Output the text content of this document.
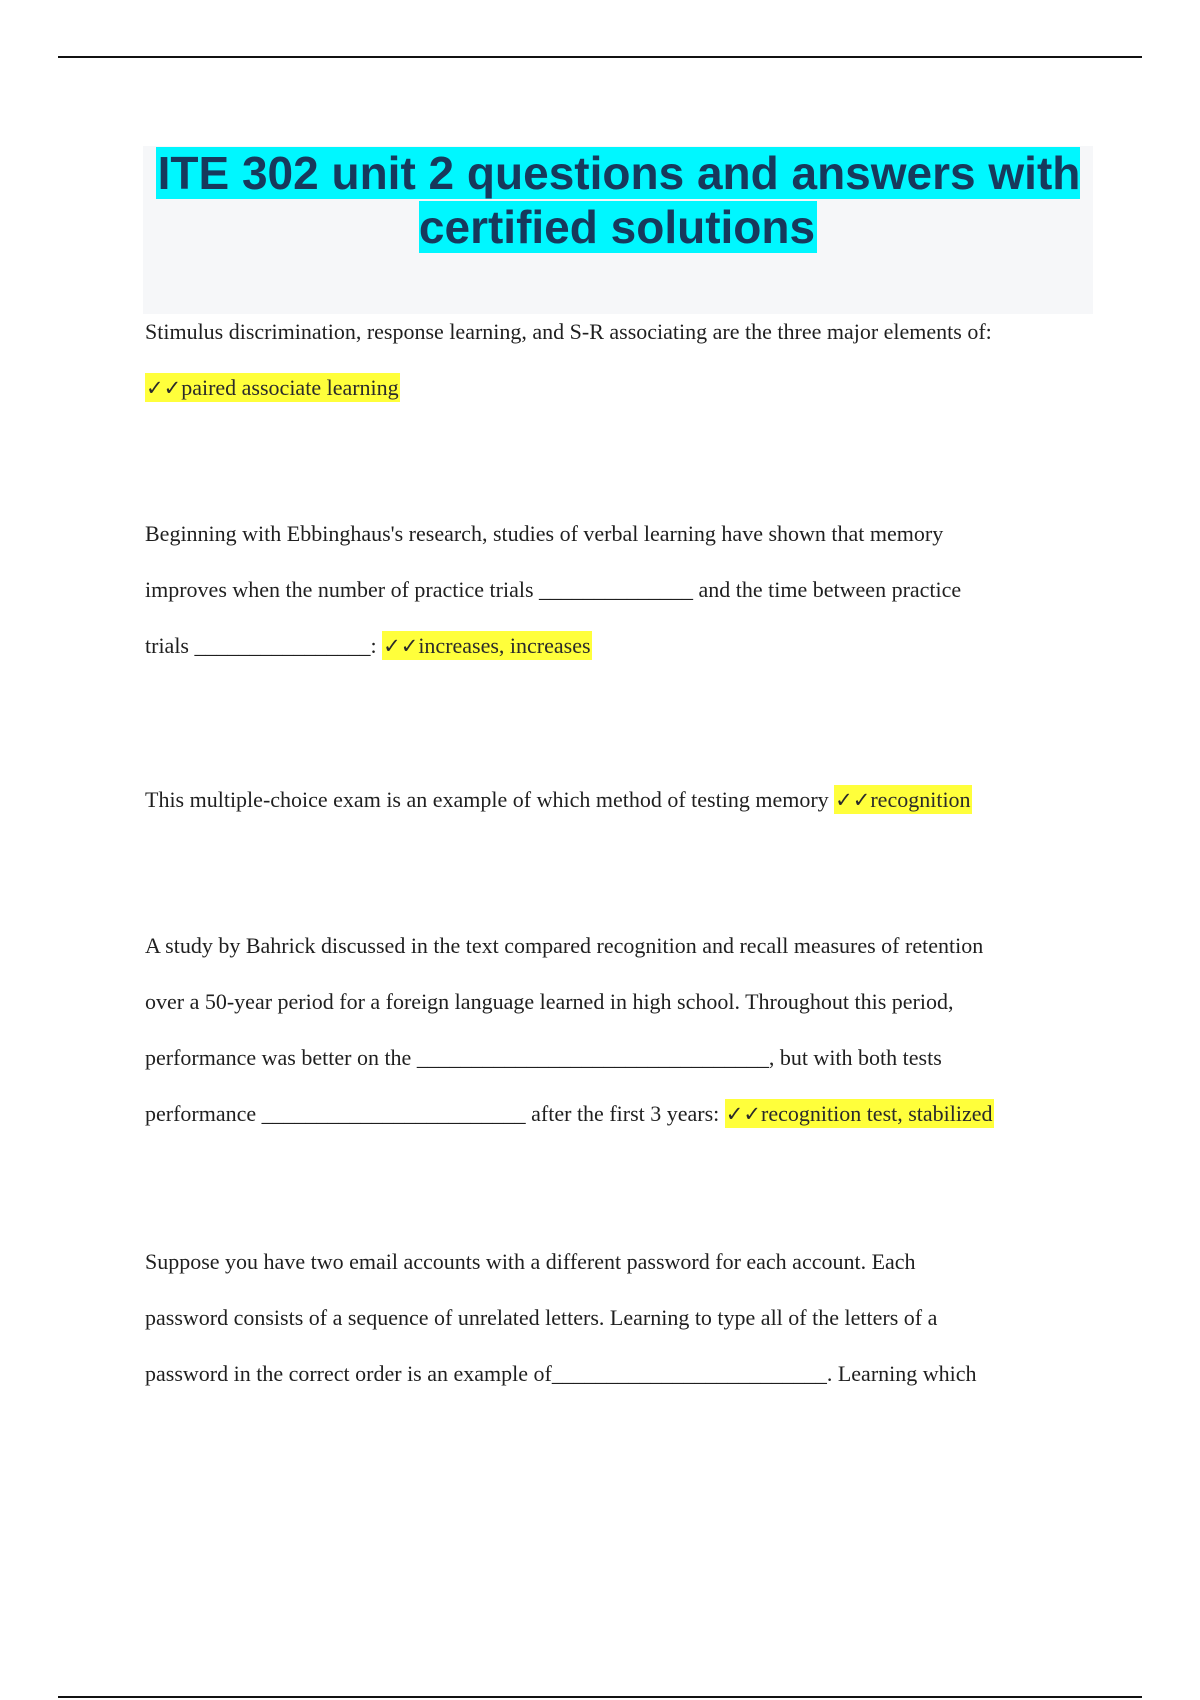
ITE 302 unit 2 questions and answers with certified solutions

Stimulus discrimination, response learning, and S-R associating are the three major elements of:

✓✓paired associate learning

Beginning with Ebbinghaus's research, studies of verbal learning have shown that memory

improves when the number of practice trials ______________ and the time between practice

trials ________________: ✓✓increases, increases

This multiple-choice exam is an example of which method of testing memory ✓✓recognition

A study by Bahrick discussed in the text compared recognition and recall measures of retention

over a 50-year period for a foreign language learned in high school. Throughout this period,

performance was better on the ________________________________, but with both tests

performance ________________________ after the first 3 years: ✓✓recognition test, stabilized

Suppose you have two email accounts with a different password for each account. Each

password consists of a sequence of unrelated letters. Learning to type all of the letters of a

password in the correct order is an example of_________________________. Learning which
